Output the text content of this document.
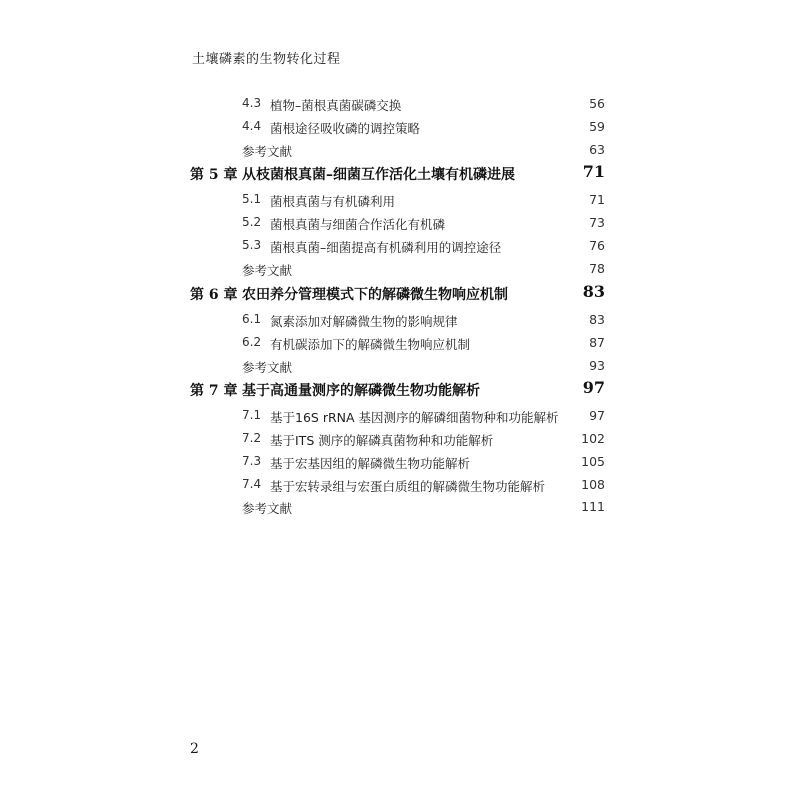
土壤磷素的生物转化过程
4.3 植物–菌根真菌碳磷交换	56
4.4 菌根途径吸收磷的调控策略	59
参考文献	63
第 5 章 从枝菌根真菌–细菌互作活化土壤有机磷进展	71
5.1 菌根真菌与有机磷利用	71
5.2 菌根真菌与细菌合作活化有机磷	73
5.3 菌根真菌–细菌提高有机磷利用的调控途径	76
参考文献	78
第 6 章 农田养分管理模式下的解磷微生物响应机制	83
6.1 氮素添加对解磷微生物的影响规律	83
6.2 有机碳添加下的解磷微生物响应机制	87
参考文献	93
第 7 章 基于高通量测序的解磷微生物功能解析	97
7.1 基于16S rRNA 基因测序的解磷细菌物种和功能解析 97
7.2 基于ITS 测序的解磷真菌物种和功能解析	102
7.3 基于宏基因组的解磷微生物功能解析	105
7.4 基于宏转录组与宏蛋白质组的解磷微生物功能解析	108
参考文献	111
2
